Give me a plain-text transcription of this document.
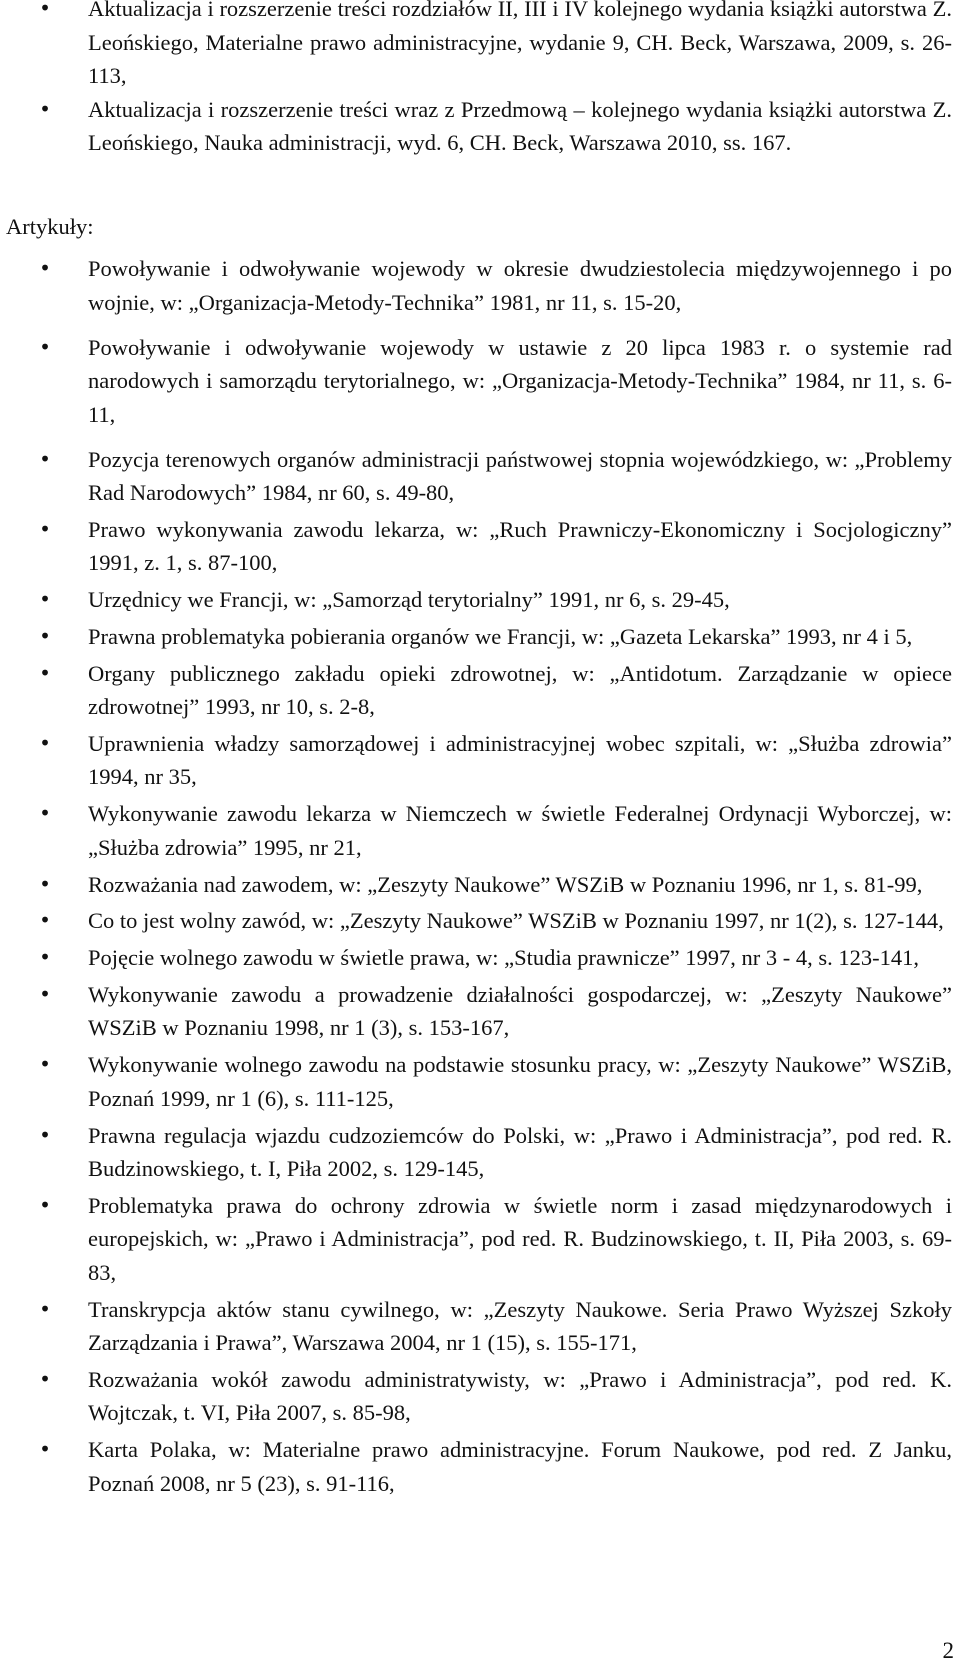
• Aktualizacja i rozszerzenie treści rozdziałów II, III i IV kolejnego wydania książki autorstwa Z. Leońskiego, Materialne prawo administracyjne, wydanie 9, CH. Beck, Warszawa, 2009, s. 26-113,
• Aktualizacja i rozszerzenie treści wraz z Przedmową – kolejnego wydania książki autorstwa Z. Leońskiego, Nauka administracji, wyd. 6, CH. Beck, Warszawa 2010, ss. 167.
Artykuły:
• Powoływanie i odwoływanie wojewody w okresie dwudziestolecia międzywojennego i po wojnie, w: „Organizacja-Metody-Technika” 1981, nr 11, s. 15-20,
• Powoływanie i odwoływanie wojewody w ustawie z 20 lipca 1983 r. o systemie rad narodowych i samorządu terytorialnego, w: „Organizacja-Metody-Technika” 1984, nr 11, s. 6-11,
• Pozycja terenowych organów administracji państwowej stopnia wojewódzkiego, w: „Problemy Rad Narodowych” 1984, nr 60, s. 49-80,
• Prawo wykonywania zawodu lekarza, w: „Ruch Prawniczy-Ekonomiczny i Socjologiczny” 1991, z. 1, s. 87-100,
• Urzędnicy we Francji, w: „Samorząd terytorialny” 1991, nr 6, s. 29-45,
• Prawna problematyka pobierania organów we Francji, w: „Gazeta Lekarska” 1993, nr 4 i 5,
• Organy publicznego zakładu opieki zdrowotnej, w: „Antidotum. Zarządzanie w opiece zdrowotnej” 1993, nr 10, s. 2-8,
• Uprawnienia władzy samorządowej i administracyjnej wobec szpitali, w: „Służba zdrowia” 1994, nr 35,
• Wykonywanie zawodu lekarza w Niemczech w świetle Federalnej Ordynacji Wyborczej, w: „Służba zdrowia” 1995, nr 21,
• Rozważania nad zawodem, w: „Zeszyty Naukowe” WSZiB w Poznaniu 1996, nr 1, s. 81-99,
• Co to jest wolny zawód, w: „Zeszyty Naukowe” WSZiB w Poznaniu 1997, nr 1(2), s. 127-144,
• Pojęcie wolnego zawodu w świetle prawa, w: „Studia prawnicze” 1997, nr 3 - 4, s. 123-141,
• Wykonywanie zawodu a prowadzenie działalności gospodarczej, w: „Zeszyty Naukowe” WSZiB w Poznaniu 1998, nr 1 (3), s. 153-167,
• Wykonywanie wolnego zawodu na podstawie stosunku pracy, w: „Zeszyty Naukowe” WSZiB, Poznań 1999, nr 1 (6), s. 111-125,
• Prawna regulacja wjazdu cudzoziemców do Polski, w: „Prawo i Administracja”, pod red. R. Budzinowskiego, t. I, Piła 2002, s. 129-145,
• Problematyka prawa do ochrony zdrowia w świetle norm i zasad międzynarodowych i europejskich, w: „Prawo i Administracja”, pod red. R. Budzinowskiego, t. II, Piła 2003, s. 69-83,
• Transkrypcja aktów stanu cywilnego, w: „Zeszyty Naukowe. Seria Prawo Wyższej Szkoły Zarządzania i Prawa”, Warszawa 2004, nr 1 (15), s. 155-171,
• Rozważania wokół zawodu administratywisty, w: „Prawo i Administracja”, pod red. K. Wojtczak, t. VI, Piła 2007, s. 85-98,
• Karta Polaka, w: Materialne prawo administracyjne. Forum Naukowe, pod red. Z Janku, Poznań 2008, nr 5 (23), s. 91-116,
2
